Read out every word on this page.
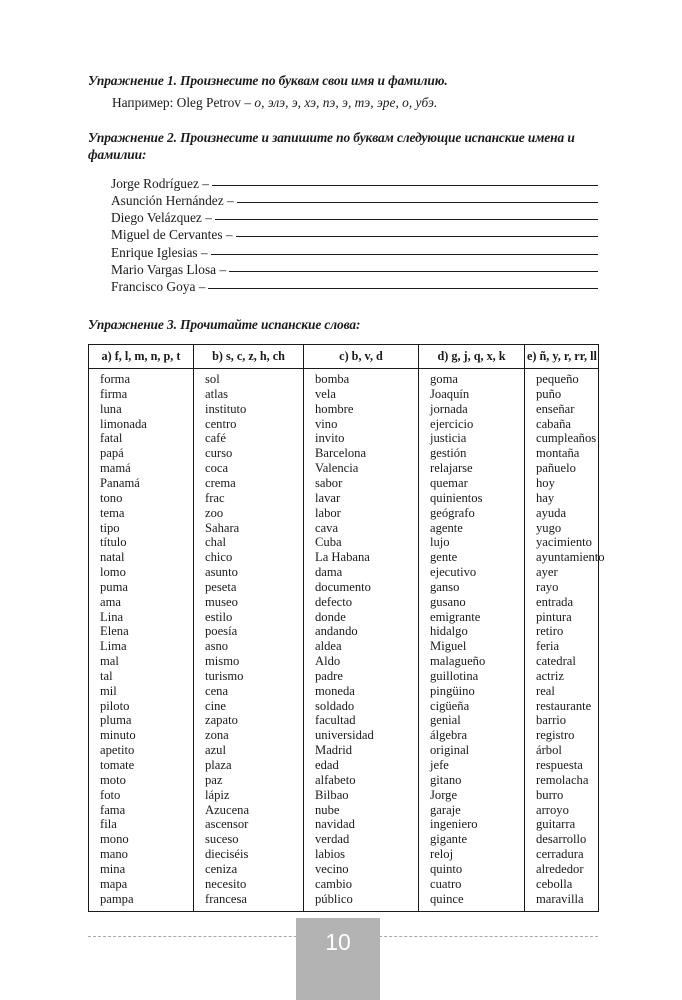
Упражнение 1. Произнесите по буквам свои имя и фамилию.

Например: Oleg Petrov – о, элэ, э, хэ, пэ, э, тэ, эре, о, убэ.

Упражнение 2. Произнесите и запишите по буквам следующие испанские имена и фамилии:

Jorge Rodríguez –
Asunción Hernández –
Diego Velázquez –
Miguel de Cervantes –
Enrique Iglesias –
Mario Vargas Llosa –
Francisco Goya –

Упражнение 3. Прочитайте испанские слова:

a) f, l, m, n, p, t	b) s, c, z, h, ch	c) b, v, d	d) g, j, q, x, k	e) ñ, y, r, rr, ll

forma
firma
luna
limonada
fatal
papá
mamá
Panamá
tono
tema
tipo
título
natal
lomo
puma
ama
Lina
Elena
Lima
mal
tal
mil
piloto
pluma
minuto
apetito
tomate
moto
foto
fama
fila
mono
mano
mina
mapa
pampa

sol
atlas
instituto
centro
café
curso
coca
crema
frac
zoo
Sahara
chal
chico
asunto
peseta
museo
estilo
poesía
asno
mismo
turismo
cena
cine
zapato
zona
azul
plaza
paz
lápiz
Azucena
ascensor
suceso
dieciséis
ceniza
necesito
francesa

bomba
vela
hombre
vino
invito
Barcelona
Valencia
sabor
lavar
labor
cava
Cuba
La Habana
dama
documento
defecto
donde
andando
aldea
Aldo
padre
moneda
soldado
facultad
universidad
Madrid
edad
alfabeto
Bilbao
nube
navidad
verdad
labios
vecino
cambio
público

goma
Joaquín
jornada
ejercicio
justicia
gestión
relajarse
quemar
quinientos
geógrafo
agente
lujo
gente
ejecutivo
ganso
gusano
emigrante
hidalgo
Miguel
malagueño
guillotina
pingüino
cigüeña
genial
álgebra
original
jefe
gitano
Jorge
garaje
ingeniero
gigante
reloj
quinto
cuatro
quince

pequeño
puño
enseñar
cabaña
cumpleaños
montaña
pañuelo
hoy
hay
ayuda
yugo
yacimiento
ayuntamiento
ayer
rayo
entrada
pintura
retiro
feria
catedral
actriz
real
restaurante
barrio
registro
árbol
respuesta
remolacha
burro
arroyo
guitarra
desarrollo
cerradura
alrededor
cebolla
maravilla
10
